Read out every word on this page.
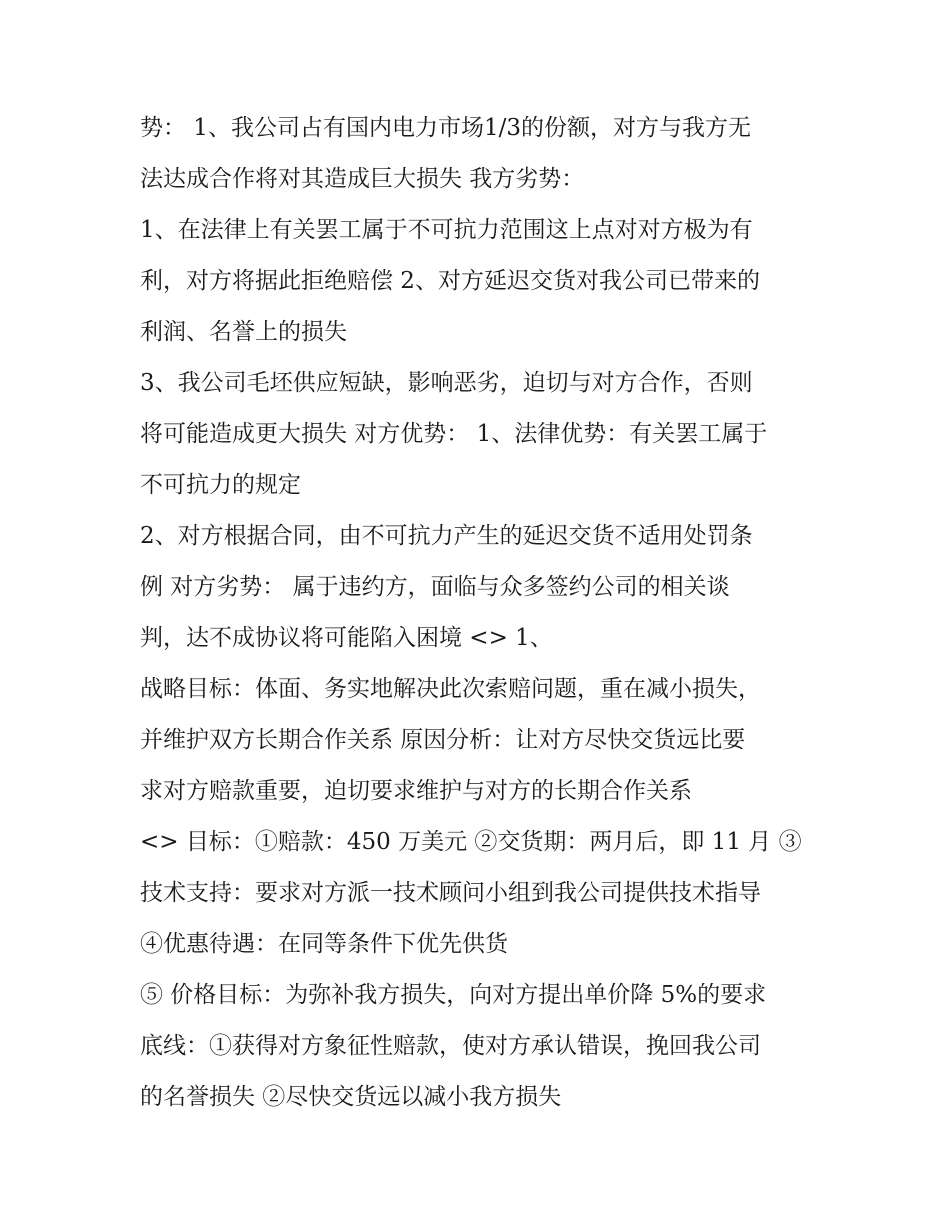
势： 1、我公司占有国内电力市场1/3的份额，对方与我方无
法达成合作将对其造成巨大损失 我方劣势：
1、在法律上有关罢工属于不可抗力范围这上点对对方极为有
利，对方将据此拒绝赔偿 2、对方延迟交货对我公司已带来的
利润、名誉上的损失
3、我公司毛坯供应短缺，影响恶劣，迫切与对方合作，否则
将可能造成更大损失 对方优势： 1、法律优势：有关罢工属于
不可抗力的规定
2、对方根据合同，由不可抗力产生的延迟交货不适用处罚条
例 对方劣势： 属于违约方，面临与众多签约公司的相关谈
判，达不成协议将可能陷入困境 <> 1、
战略目标：体面、务实地解决此次索赔问题，重在减小损失，
并维护双方长期合作关系 原因分析：让对方尽快交货远比要
求对方赔款重要，迫切要求维护与对方的长期合作关系
<> 目标：①赔款：450 万美元 ②交货期：两月后，即 11 月 ③
技术支持：要求对方派一技术顾问小组到我公司提供技术指导
④优惠待遇：在同等条件下优先供货
⑤ 价格目标：为弥补我方损失，向对方提出单价降 5%的要求
底线：①获得对方象征性赔款，使对方承认错误，挽回我公司
的名誉损失 ②尽快交货远以减小我方损失
